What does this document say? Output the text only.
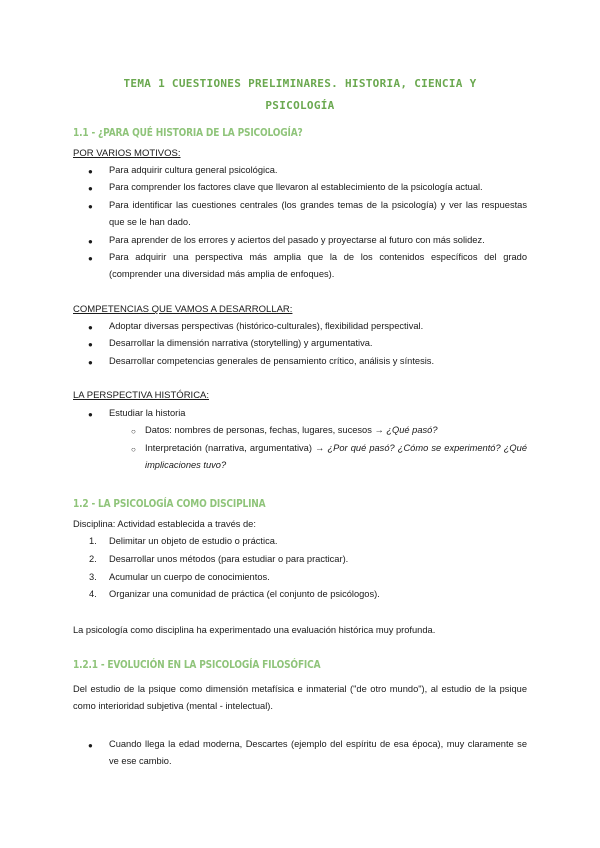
TEMA 1 CUESTIONES PRELIMINARES. HISTORIA, CIENCIA Y
PSICOLOGÍA
1.1 - ¿PARA QUÉ HISTORIA DE LA PSICOLOGÍA?
POR VARIOS MOTIVOS:
● Para adquirir cultura general psicológica.
● Para comprender los factores clave que llevaron al establecimiento de la psicología actual.
● Para identificar las cuestiones centrales (los grandes temas de la psicología) y ver las respuestas que se le han dado.
● Para aprender de los errores y aciertos del pasado y proyectarse al futuro con más solidez.
● Para adquirir una perspectiva más amplia que la de los contenidos específicos del grado (comprender una diversidad más amplia de enfoques).
COMPETENCIAS QUE VAMOS A DESARROLLAR:
● Adoptar diversas perspectivas (histórico-culturales), flexibilidad perspectival.
● Desarrollar la dimensión narrativa (storytelling) y argumentativa.
● Desarrollar competencias generales de pensamiento crítico, análisis y síntesis.
LA PERSPECTIVA HISTÓRICA:
● Estudiar la historia
○ Datos: nombres de personas, fechas, lugares, sucesos → ¿Qué pasó?
○ Interpretación (narrativa, argumentativa) → ¿Por qué pasó? ¿Cómo se experimentó? ¿Qué implicaciones tuvo?
1.2 - LA PSICOLOGÍA COMO DISCIPLINA
Disciplina: Actividad establecida a través de:
1. Delimitar un objeto de estudio o práctica.
2. Desarrollar unos métodos (para estudiar o para practicar).
3. Acumular un cuerpo de conocimientos.
4. Organizar una comunidad de práctica (el conjunto de psicólogos).
La psicología como disciplina ha experimentado una evaluación histórica muy profunda.
1.2.1 - EVOLUCIÓN EN LA PSICOLOGÍA FILOSÓFICA
Del estudio de la psique como dimensión metafísica e inmaterial ("de otro mundo"), al estudio de la psique como interioridad subjetiva (mental - intelectual).
● Cuando llega la edad moderna, Descartes (ejemplo del espíritu de esa época), muy claramente se ve ese cambio.
